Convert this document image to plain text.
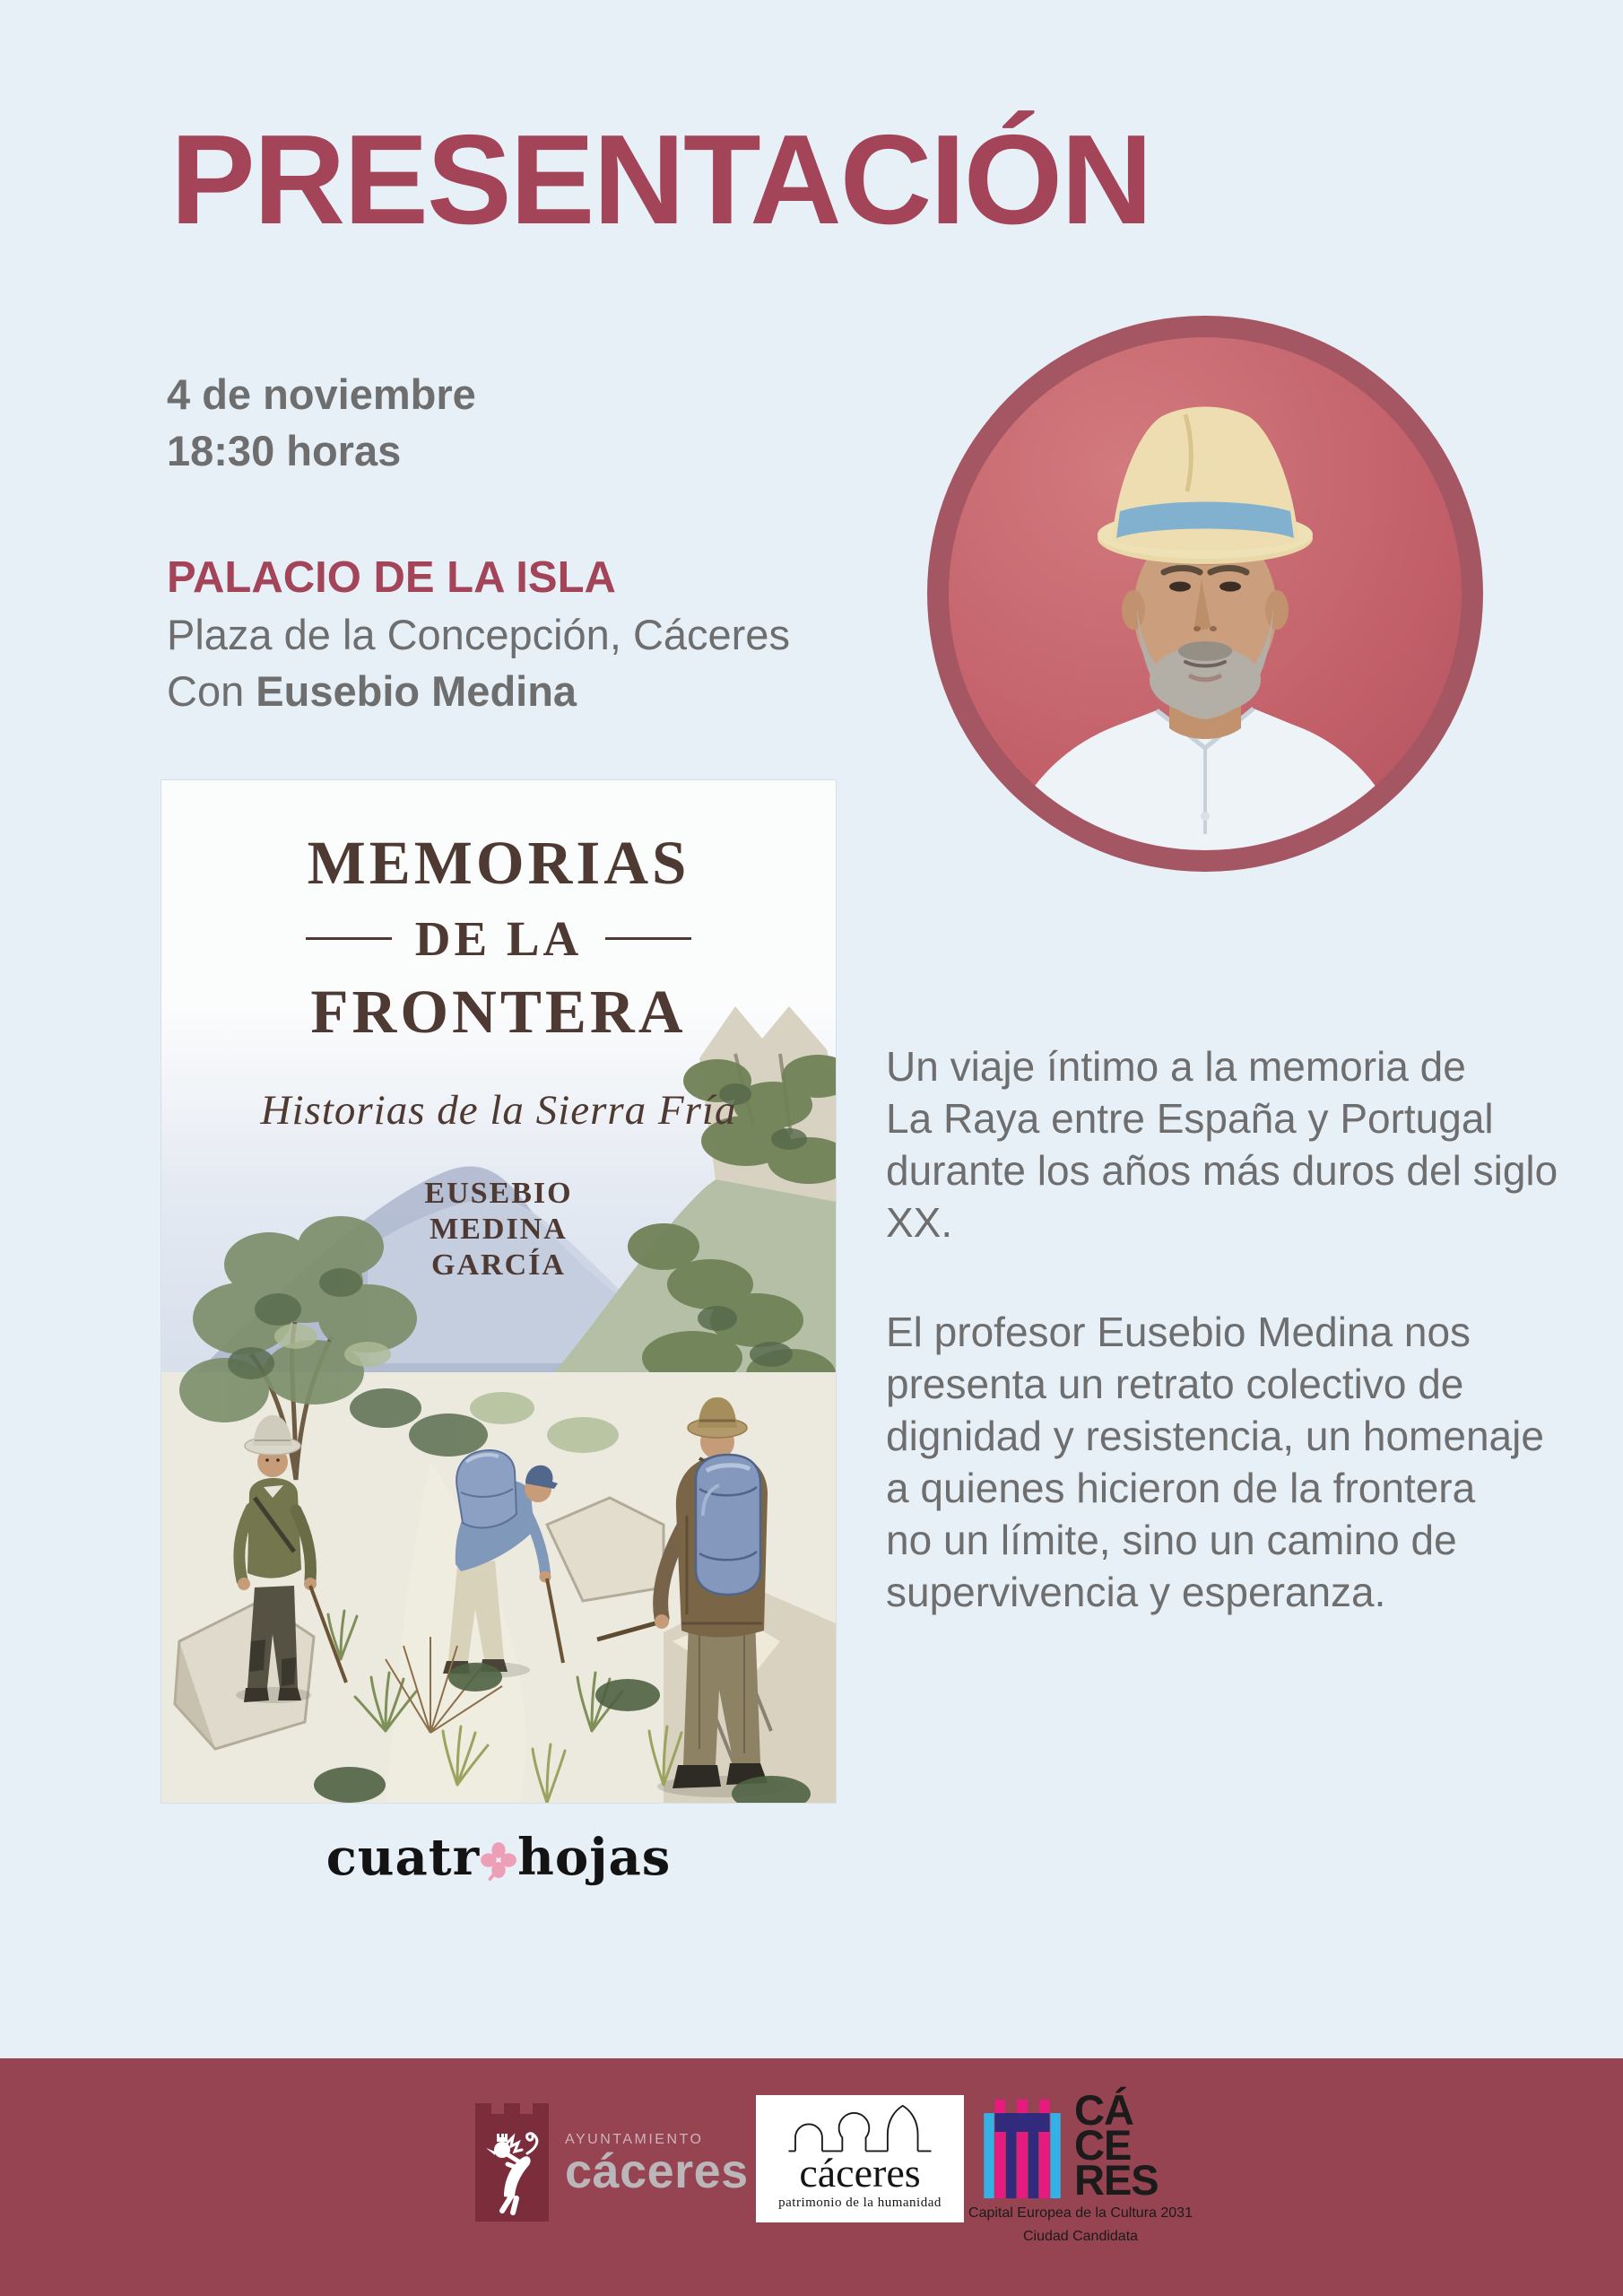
PRESENTACIÓN
4 de noviembre
18:30 horas
PALACIO DE LA ISLA
Plaza de la Concepción, Cáceres
Con Eusebio Medina
MEMORIAS
DE LA
FRONTERA
Historias de la Sierra Fría
EUSEBIO
MEDINA
GARCÍA
cuatr hojas
Un viaje íntimo a la memoria de
La Raya entre España y Portugal
durante los años más duros del siglo
XX.
El profesor Eusebio Medina nos
presenta un retrato colectivo de
dignidad y resistencia, un homenaje
a quienes hicieron de la frontera
no un límite, sino un camino de
supervivencia y esperanza.
AYUNTAMIENTO
cáceres	cáceres
patrimonio de la humanidad
CÁ
CE
RES
Capital Europea de la Cultura 2031
Ciudad Candidata
